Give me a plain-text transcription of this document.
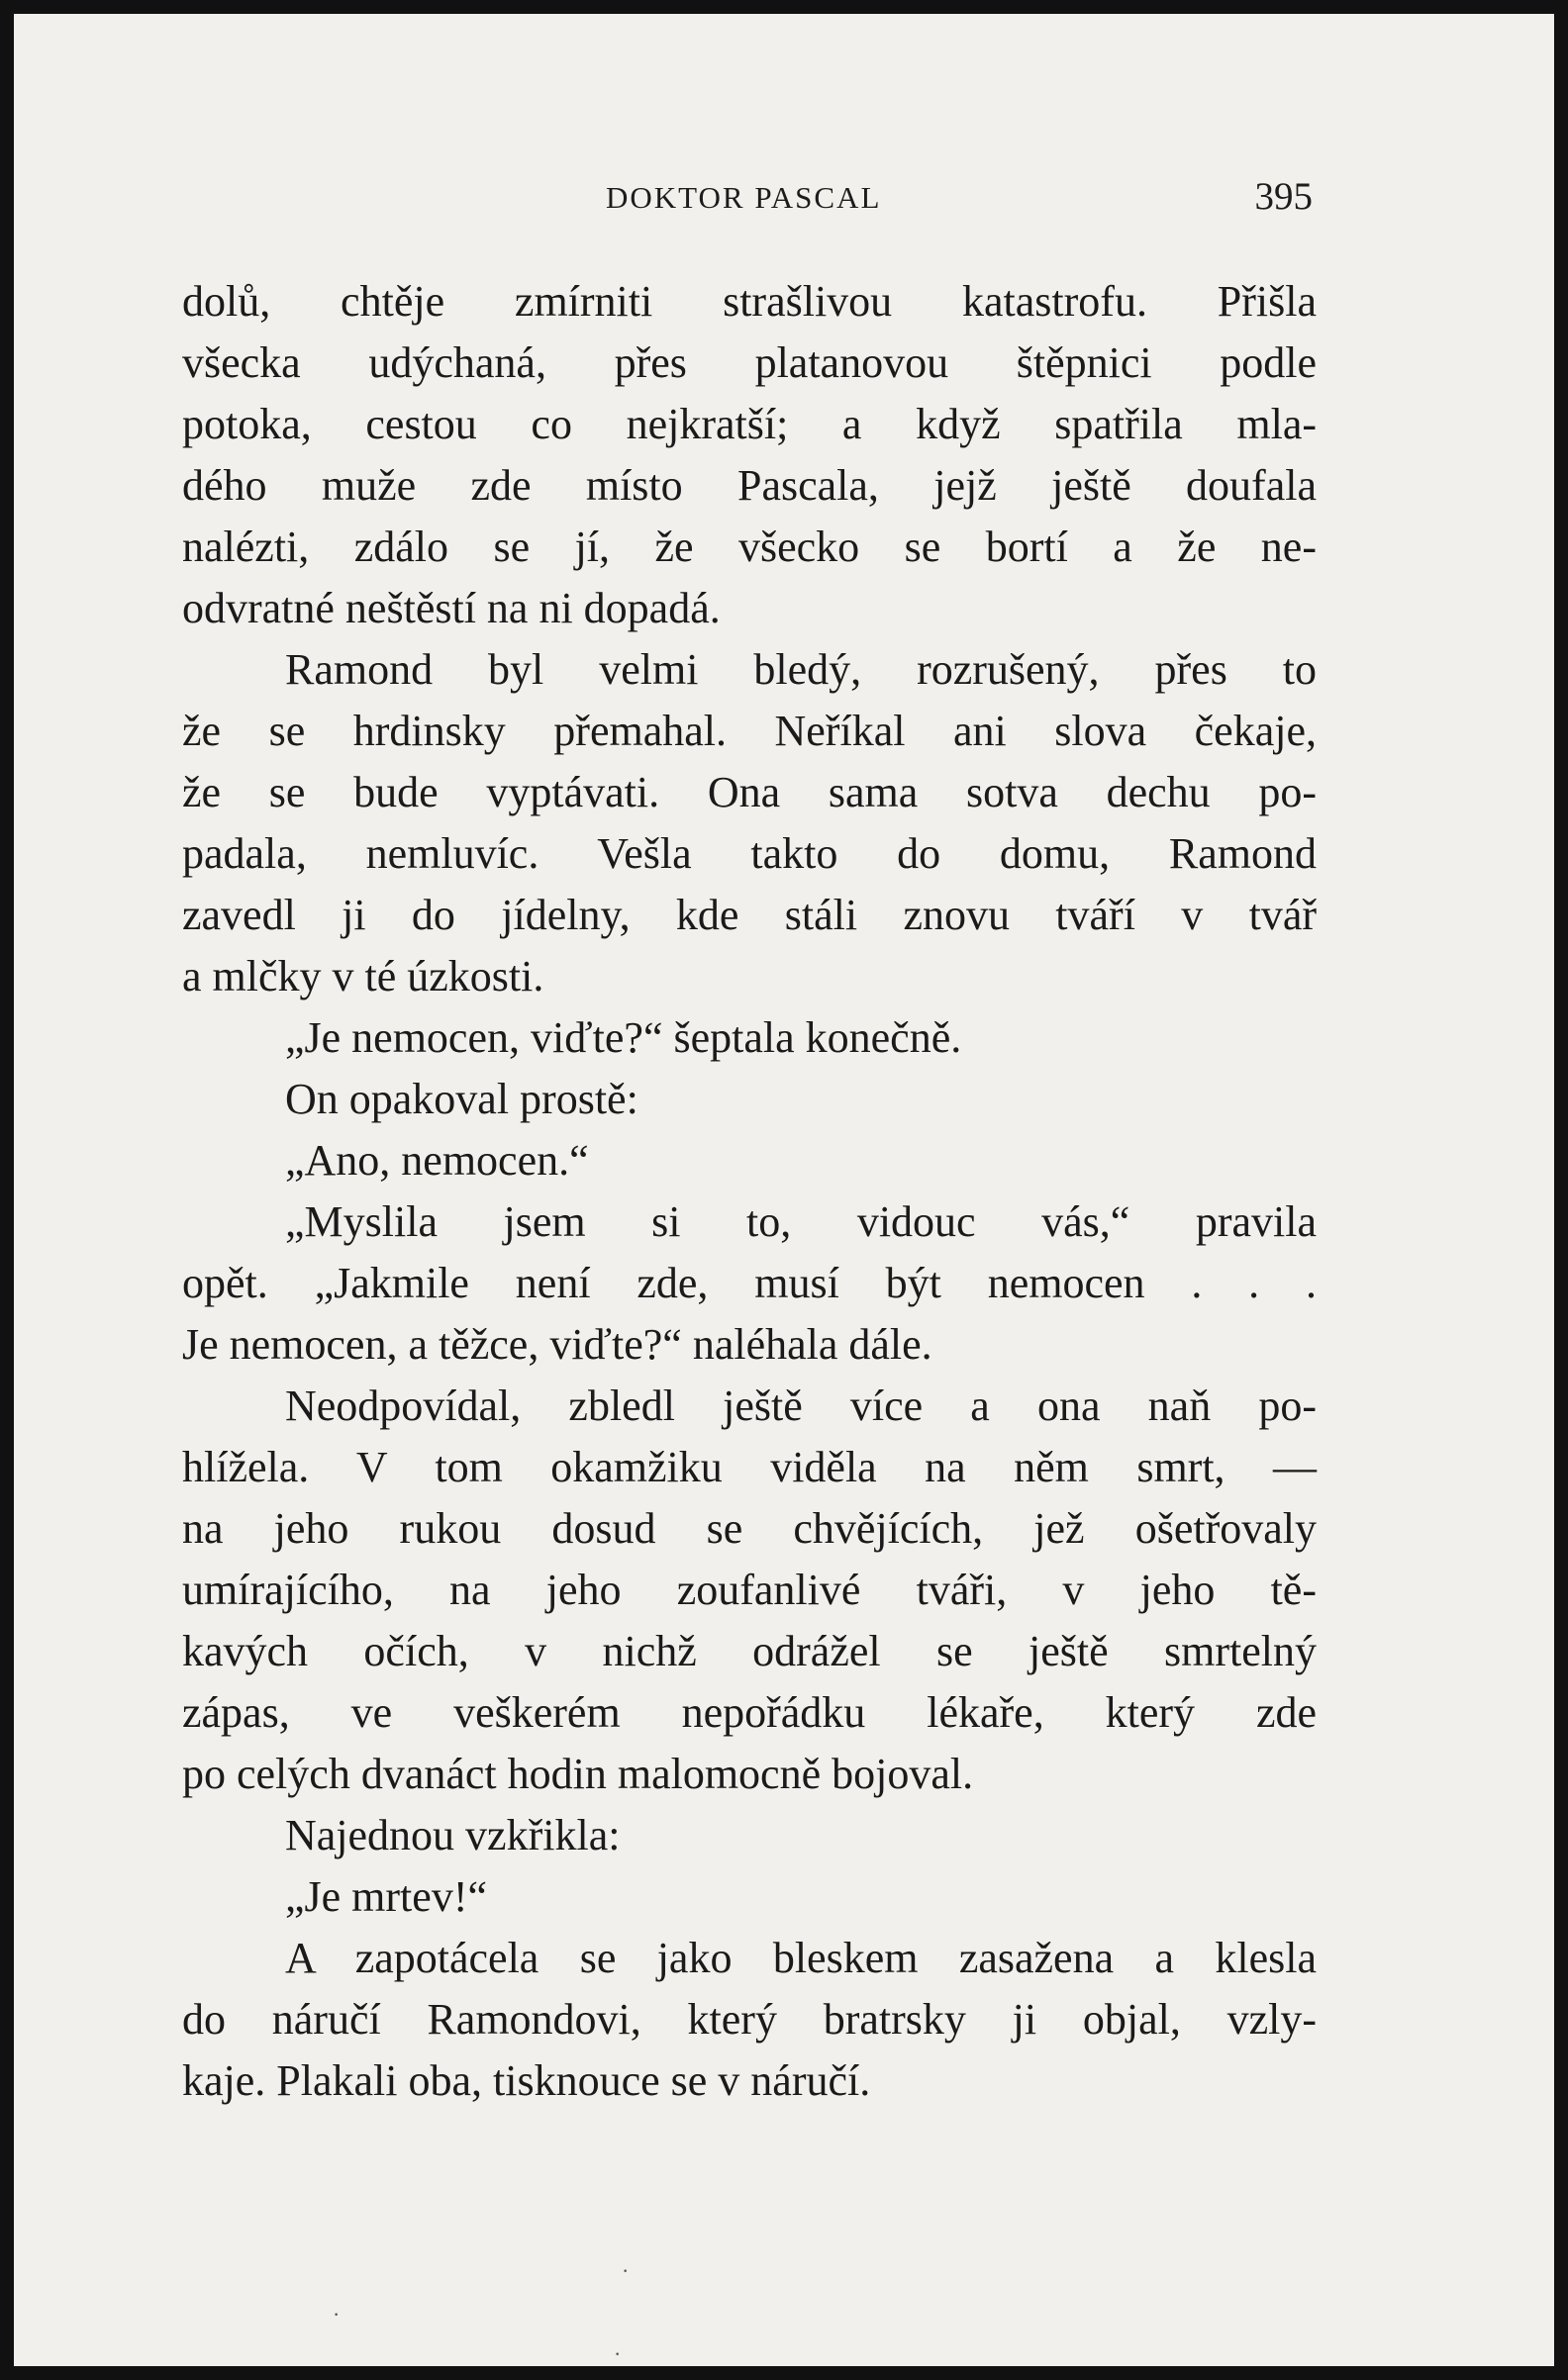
DOKTOR PASCAL	395
dolů, chtěje zmírniti strašlivou katastrofu. Přišla
všecka udýchaná, přes platanovou štěpnici podle
potoka, cestou co nejkratší; a když spatřila mla-
dého muže zde místo Pascala, jejž ještě doufala
nalézti, zdálo se jí, že všecko se bortí a že ne-
odvratné neštěstí na ni dopadá.
Ramond byl velmi bledý, rozrušený, přes to
že se hrdinsky přemahal. Neříkal ani slova čekaje,
že se bude vyptávati. Ona sama sotva dechu po-
padala, nemluvíc. Vešla takto do domu, Ramond
zavedl ji do jídelny, kde stáli znovu tváří v tvář
a mlčky v té úzkosti.
„Je nemocen, viďte?“ šeptala konečně.
On opakoval prostě:
„Ano, nemocen.“
„Myslila jsem si to, vidouc vás,“ pravila
opět. „Jakmile není zde, musí být nemocen . . .
Je nemocen, a těžce, viďte?“ naléhala dále.
Neodpovídal, zbledl ještě více a ona naň po-
hlížela. V tom okamžiku viděla na něm smrt, —
na jeho rukou dosud se chvějících, jež ošetřovaly
umírajícího, na jeho zoufanlivé tváři, v jeho tě-
kavých očích, v nichž odrážel se ještě smrtelný
zápas, ve veškerém nepořádku lékaře, který zde
po celých dvanáct hodin malomocně bojoval.
Najednou vzkřikla:
„Je mrtev!“
A zapotácela se jako bleskem zasažena a klesla
do náručí Ramondovi, který bratrsky ji objal, vzly-
kaje. Plakali oba, tisknouce se v náručí.
·
·
·
